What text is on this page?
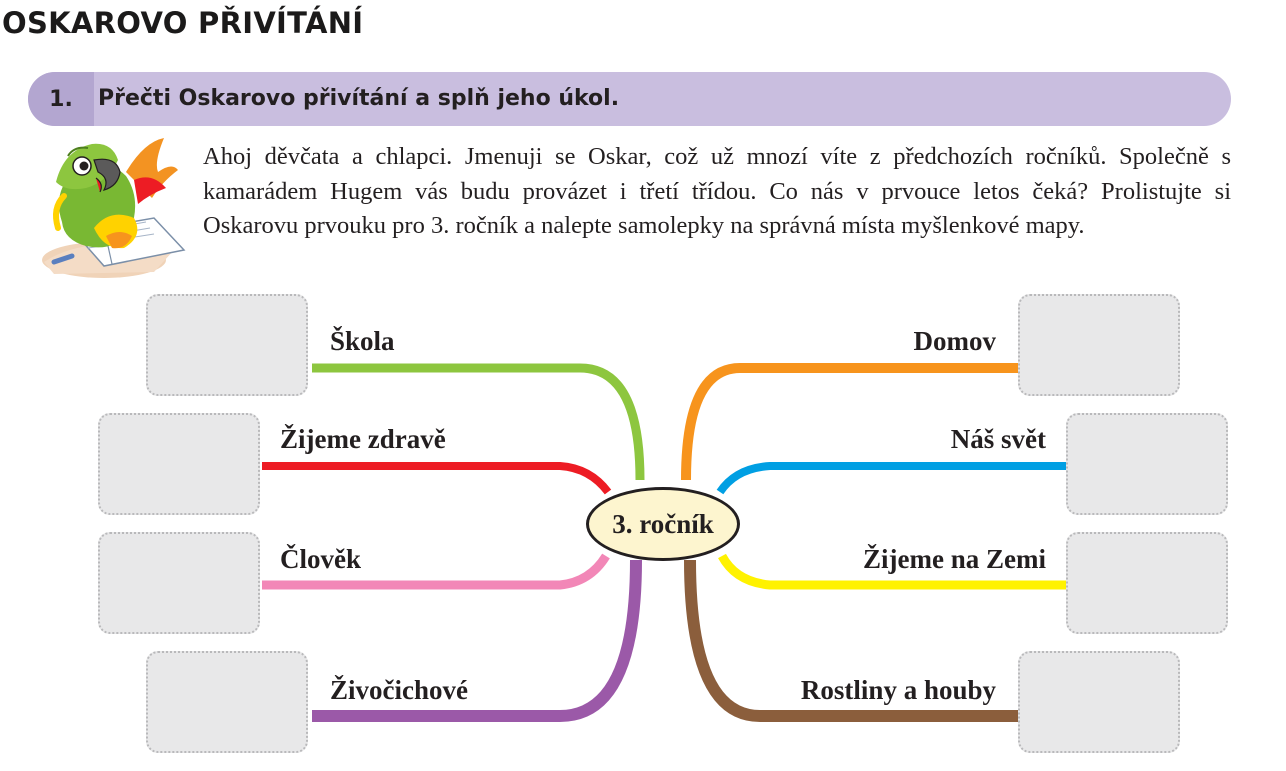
OSKAROVO PŘIVÍTÁNÍ
1.	Přečti Oskarovo přivítání a splň jeho úkol.
Ahoj děvčata a chlapci. Jmenuji se Oskar, což už mnozí víte z předchozích ročníků. Společně s kamarádem Hugem vás budu provázet i třetí třídou. Co nás v prvouce letos čeká? Prolistujte si Oskarovu prvouku pro 3. ročník a nalepte samolepky na správná místa myšlenkové mapy.
Škola
Žijeme zdravě
Člověk
Živočichové
Domov
Náš svět
Žijeme na Zemi
Rostliny a houby
3. ročník
